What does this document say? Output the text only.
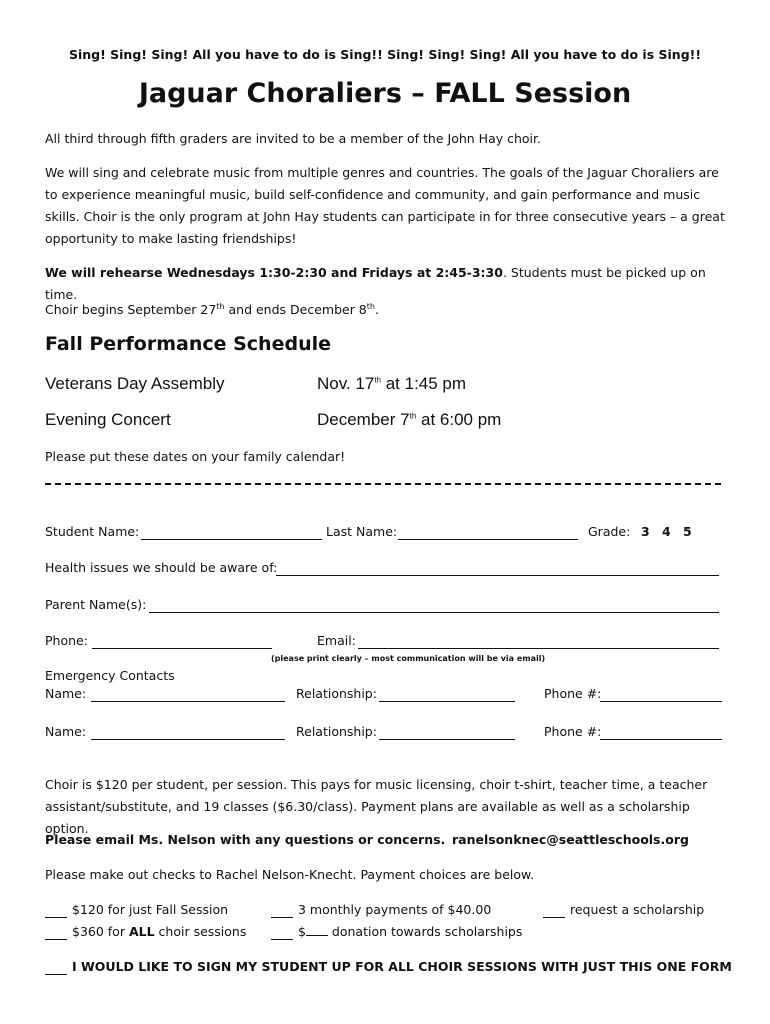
Sing! Sing! Sing! All you have to do is Sing!! Sing! Sing! Sing! All you have to do is Sing!!
Jaguar Choraliers – FALL Session
All third through fifth graders are invited to be a member of the John Hay choir.
We will sing and celebrate music from multiple genres and countries. The goals of the Jaguar Choraliers are to experience meaningful music, build self-confidence and community, and gain performance and music skills. Choir is the only program at John Hay students can participate in for three consecutive years – a great opportunity to make lasting friendships!
We will rehearse Wednesdays 1:30-2:30 and Fridays at 2:45-3:30. Students must be picked up on time.
Choir begins September 27th and ends December 8th.
Fall Performance Schedule
Veterans Day Assembly	Nov. 17th at 1:45 pm
Evening Concert	December 7th at 6:00 pm
Please put these dates on your family calendar!
Student Name:	Last Name:	Grade: 3 4 5
Health issues we should be aware of:
Parent Name(s):
Phone:	Email:
(please print clearly – most communication will be via email)
Emergency Contacts
Name:	Relationship:	Phone #:
Name:	Relationship:	Phone #:
Choir is $120 per student, per session. This pays for music licensing, choir t-shirt, teacher time, a teacher assistant/substitute, and 19 classes ($6.30/class). Payment plans are available as well as a scholarship option.
Please email Ms. Nelson with any questions or concerns. ranelsonknec@seattleschools.org
Please make out checks to Rachel Nelson-Knecht. Payment choices are below.
$120 for just Fall Session	3 monthly payments of $40.00	request a scholarship
$360 for ALL choir sessions	$ donation towards scholarships
I WOULD LIKE TO SIGN MY STUDENT UP FOR ALL CHOIR SESSIONS WITH JUST THIS ONE FORM
